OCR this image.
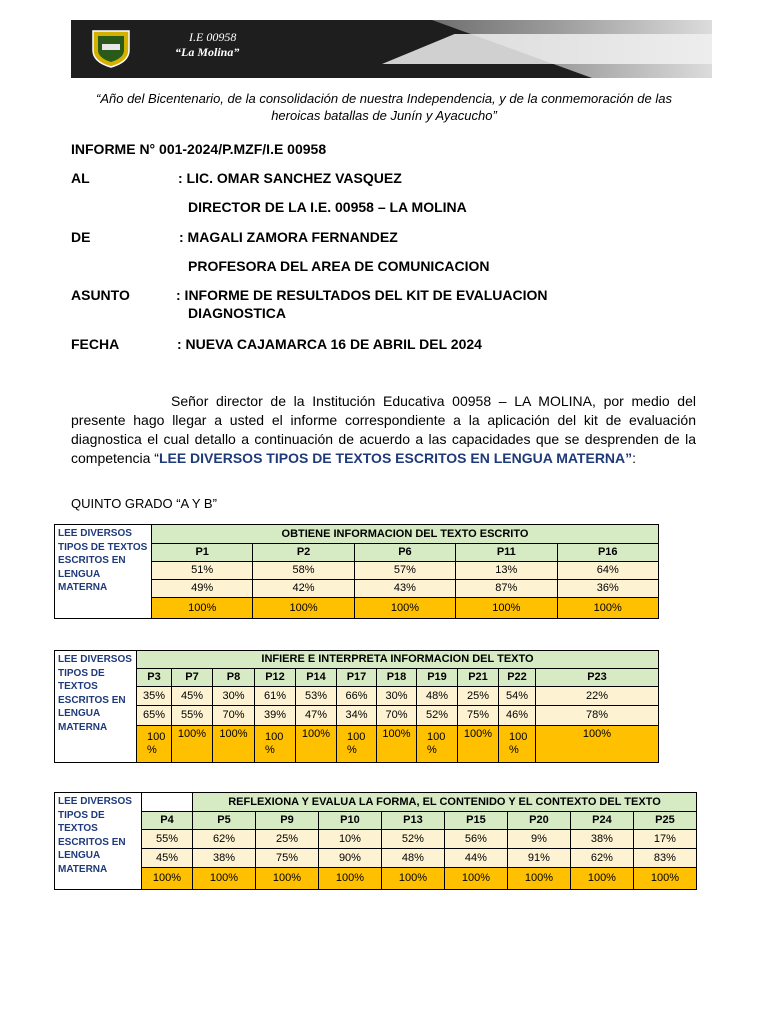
I.E 00958
“La Molina”
“Año del Bicentenario, de la consolidación de nuestra Independencia, y de la conmemoración de las heroicas batallas de Junín y Ayacucho”
INFORME N° 001-2024/P.MZF/I.E 00958
AL	: LIC. OMAR SANCHEZ VASQUEZ
DIRECTOR DE LA I.E. 00958 – LA MOLINA
DE	: MAGALI ZAMORA FERNANDEZ
PROFESORA DEL AREA DE COMUNICACION
ASUNTO	: INFORME DE RESULTADOS DEL KIT DE EVALUACION
DIAGNOSTICA
FECHA	: NUEVA CAJAMARCA 16 DE ABRIL DEL 2024
Señor director de la Institución Educativa 00958 – LA MOLINA, por medio del presente hago llegar a usted el informe correspondiente a la aplicación del kit de evaluación diagnostica el cual detallo a continuación de acuerdo a las capacidades que se desprenden de la competencia “LEE DIVERSOS TIPOS DE TEXTOS ESCRITOS EN LENGUA MATERNA”:
QUINTO GRADO “A Y B”
LEE DIVERSOS TIPOS DE TEXTOS ESCRITOS EN LENGUA MATERNA	OBTIENE INFORMACION DEL TEXTO ESCRITO				
	P1	P2	P6	P11	P16
	51%	58%	57%	13%	64%
	49%	42%	43%	87%	36%
	100%	100%	100%	100%	100%
LEE DIVERSOS TIPOS DE TEXTOS ESCRITOS EN LENGUA MATERNA	INFIERE E INTERPRETA INFORMACION DEL TEXTO										
	P3	P7	P8	P12	P14	P17	P18	P19	P21	P22	P23
	35%	45%	30%	61%	53%	66%	30%	48%	25%	54%	22%
	65%	55%	70%	39%	47%	34%	70%	52%	75%	46%	78%
	100 %	100%	100%	100 %	100%	100 %	100%	100 %	100%	100 %	100%
LEE DIVERSOS TIPOS DE TEXTOS ESCRITOS EN LENGUA MATERNA		REFLEXIONA Y EVALUA LA FORMA, EL CONTENIDO Y EL CONTEXTO DEL TEXTO							
	P4	P5	P9	P10	P13	P15	P20	P24	P25
	55%	62%	25%	10%	52%	56%	9%	38%	17%
	45%	38%	75%	90%	48%	44%	91%	62%	83%
	100%	100%	100%	100%	100%	100%	100%	100%	100%
